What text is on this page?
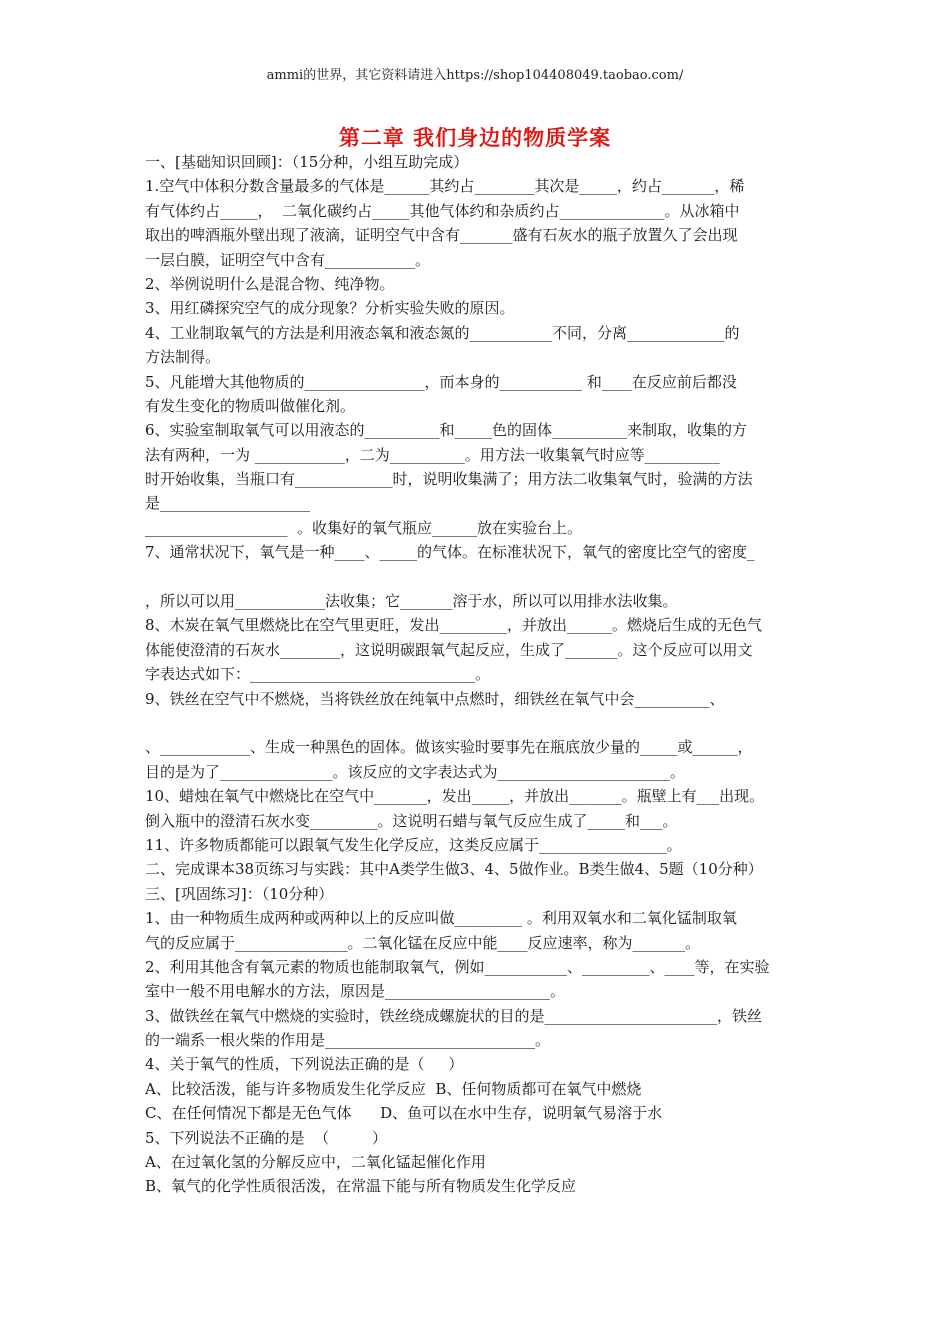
ammi的世界，其它资料请进入https://shop104408049.taobao.com/
第二章 我们身边的物质学案
一、[基础知识回顾]：（15分种，小组互助完成）
1.空气中体积分数含量最多的气体是______其约占________其次是_____，约占_______，稀
有气体约占_____，  二氧化碳约占_____其他气体约和杂质约占______________。从冰箱中
取出的啤酒瓶外壁出现了液滴，证明空气中含有_______盛有石灰水的瓶子放置久了会出现
一层白膜，证明空气中含有____________。
2、举例说明什么是混合物、纯净物。
3、用红磷探究空气的成分现象？分析实验失败的原因。
4、工业制取氧气的方法是利用液态氧和液态氮的___________不同，分离_____________的
方法制得。
5、凡能增大其他物质的________________，而本身的___________ 和____在反应前后都没
有发生变化的物质叫做催化剂。
6、实验室制取氧气可以用液态的__________和_____色的固体__________来制取，收集的方
法有两种，一为 ____________，二为__________。用方法一收集氧气时应等__________
时开始收集，当瓶口有_____________时，说明收集满了；用方法二收集氧气时，验满的方法
是____________________
___________________  。收集好的氧气瓶应______放在实验台上。
7、通常状况下，氧气是一种____、_____的气体。在标准状况下，氧气的密度比空气的密度_
，所以可以用____________法收集；它_______溶于水，所以可以用排水法收集。
8、木炭在氧气里燃烧比在空气里更旺，发出_________，并放出______。燃烧后生成的无色气
体能使澄清的石灰水________，这说明碳跟氧气起反应，生成了_______。这个反应可以用文
字表达式如下：______________________________。
9、铁丝在空气中不燃烧，当将铁丝放在纯氧中点燃时，细铁丝在氧气中会__________、
、____________、生成一种黑色的固体。做该实验时要事先在瓶底放少量的_____或______，
目的是为了_______________。该反应的文字表达式为_______________________。
10、蜡烛在氧气中燃烧比在空气中_______，发出_____，并放出_______。瓶壁上有___出现。
倒入瓶中的澄清石灰水变_________。这说明石蜡与氧气反应生成了_____和___。
11、许多物质都能可以跟氧气发生化学反应，这类反应属于_________________。
二、完成课本38页练习与实践：其中A类学生做3、4、5做作业。B类生做4、5题（10分种）
三、[巩固练习]：（10分种）
1、由一种物质生成两种或两种以上的反应叫做_________ 。利用双氧水和二氧化锰制取氧
气的反应属于_______________。二氧化锰在反应中能____反应速率，称为_______。
2、利用其他含有氧元素的物质也能制取氧气，例如___________、_________、____等，在实验
室中一般不用电解水的方法，原因是______________________。
3、做铁丝在氧气中燃烧的实验时，铁丝绕成螺旋状的目的是_______________________，铁丝
的一端系一根火柴的作用是____________________________。
4、关于氧气的性质，下列说法正确的是（     ）
A、比较活泼，能与许多物质发生化学反应  B、任何物质都可在氧气中燃烧
C、在任何情况下都是无色气体      D、鱼可以在水中生存，说明氧气易溶于水
5、下列说法不正确的是  （         ）
A、在过氧化氢的分解反应中，二氧化锰起催化作用
B、氧气的化学性质很活泼，在常温下能与所有物质发生化学反应
